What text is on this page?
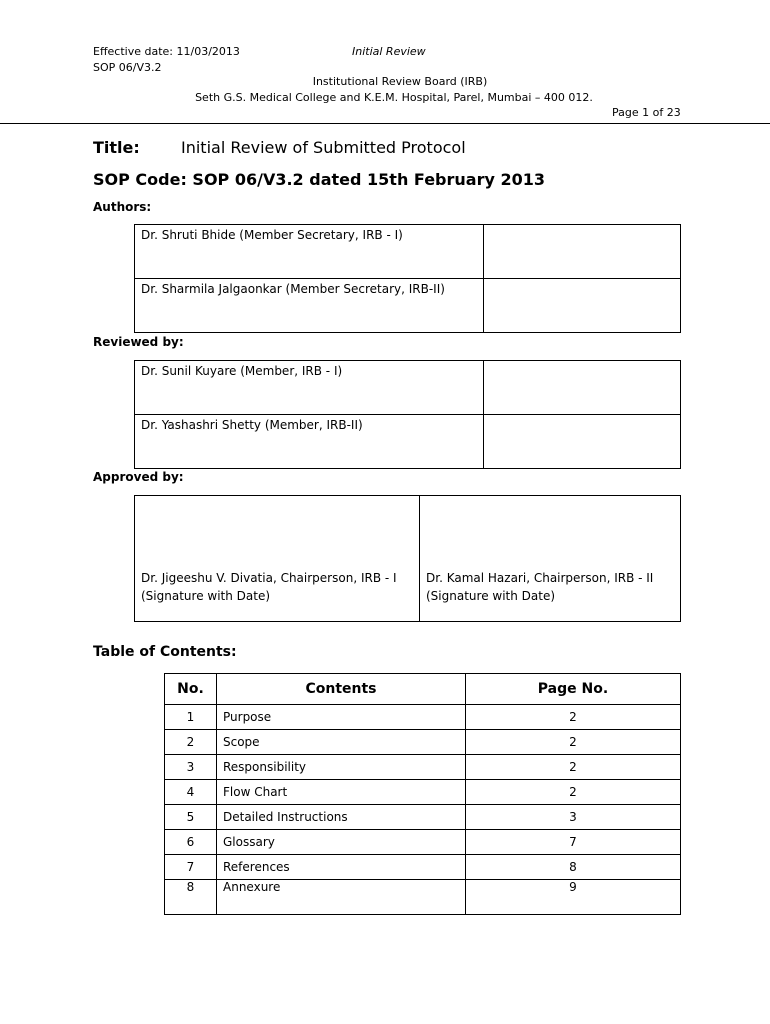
Effective date: 11/03/2013	Initial Review
SOP 06/V3.2
Institutional Review Board (IRB)
Seth G.S. Medical College and K.E.M. Hospital, Parel, Mumbai – 400 012.
Page 1 of 23
Title:	Initial Review of Submitted Protocol
SOP Code: SOP 06/V3.2 dated 15th February 2013
Authors:
Dr. Shruti Bhide (Member Secretary, IRB - I)	
Dr. Sharmila Jalgaonkar (Member Secretary, IRB-II)	
Reviewed by:
Dr. Sunil Kuyare (Member, IRB - I)	
Dr. Yashashri Shetty (Member, IRB-II)	
Approved by:
Dr. Jigeeshu V. Divatia, Chairperson, IRB - I
(Signature with Date)

Dr. Kamal Hazari, Chairperson, IRB - II
(Signature with Date)
Table of Contents:
No.	Contents	Page No.
1	Purpose	2
2	Scope	2
3	Responsibility	2
4	Flow Chart	2
5	Detailed Instructions	3
6	Glossary	7
7	References	8
8	Annexure	9
